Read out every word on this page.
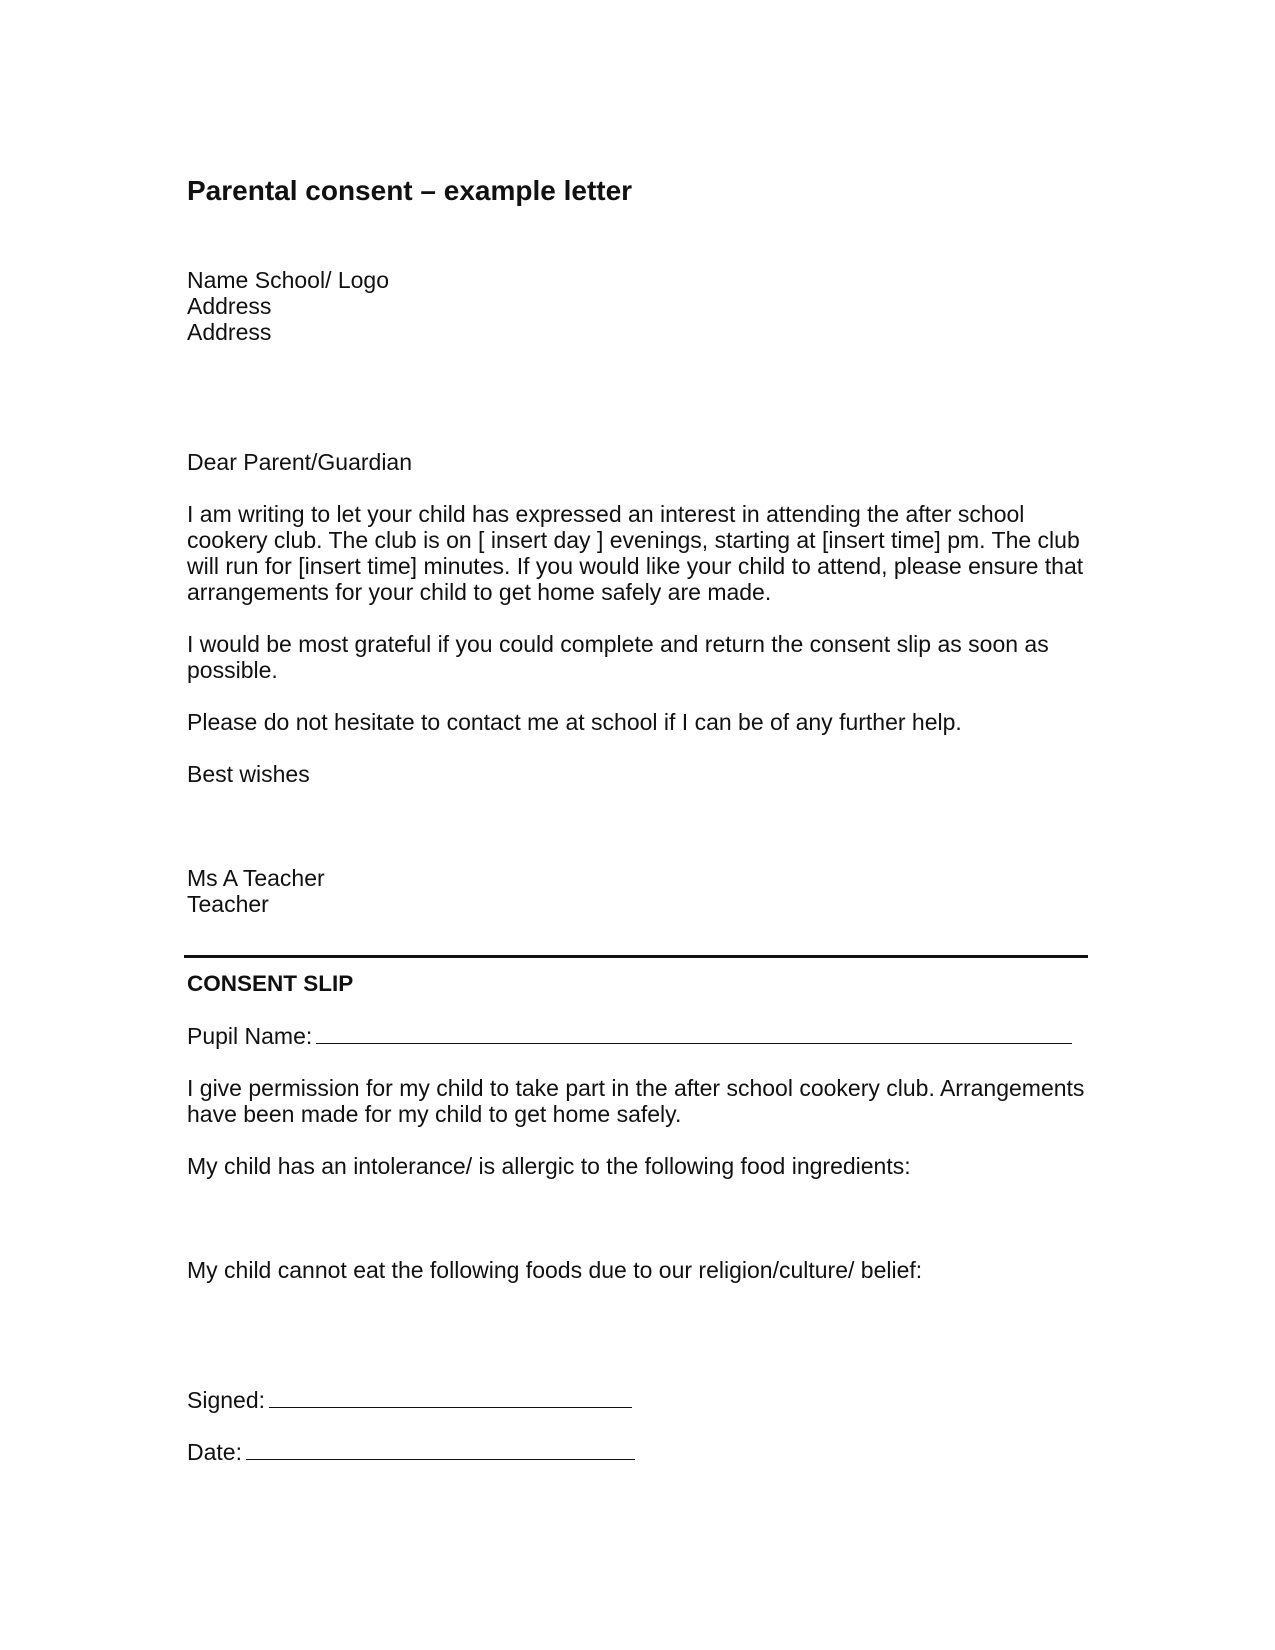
Parental consent – example letter

Name School/ Logo

Address

Address

Dear Parent/Guardian

I am writing to let your child has expressed an interest in attending the after school

cookery club. The club is on [ insert day ] evenings, starting at [insert time] pm. The club

will run for [insert time] minutes. If you would like your child to attend, please ensure that

arrangements for your child to get home safely are made.

I would be most grateful if you could complete and return the consent slip as soon as

possible.

Please do not hesitate to contact me at school if I can be of any further help.

Best wishes

Ms A Teacher

Teacher

CONSENT SLIP

Pupil Name:

I give permission for my child to take part in the after school cookery club. Arrangements

have been made for my child to get home safely.

My child has an intolerance/ is allergic to the following food ingredients:

My child cannot eat the following foods due to our religion/culture/ belief:

Signed:

Date:
